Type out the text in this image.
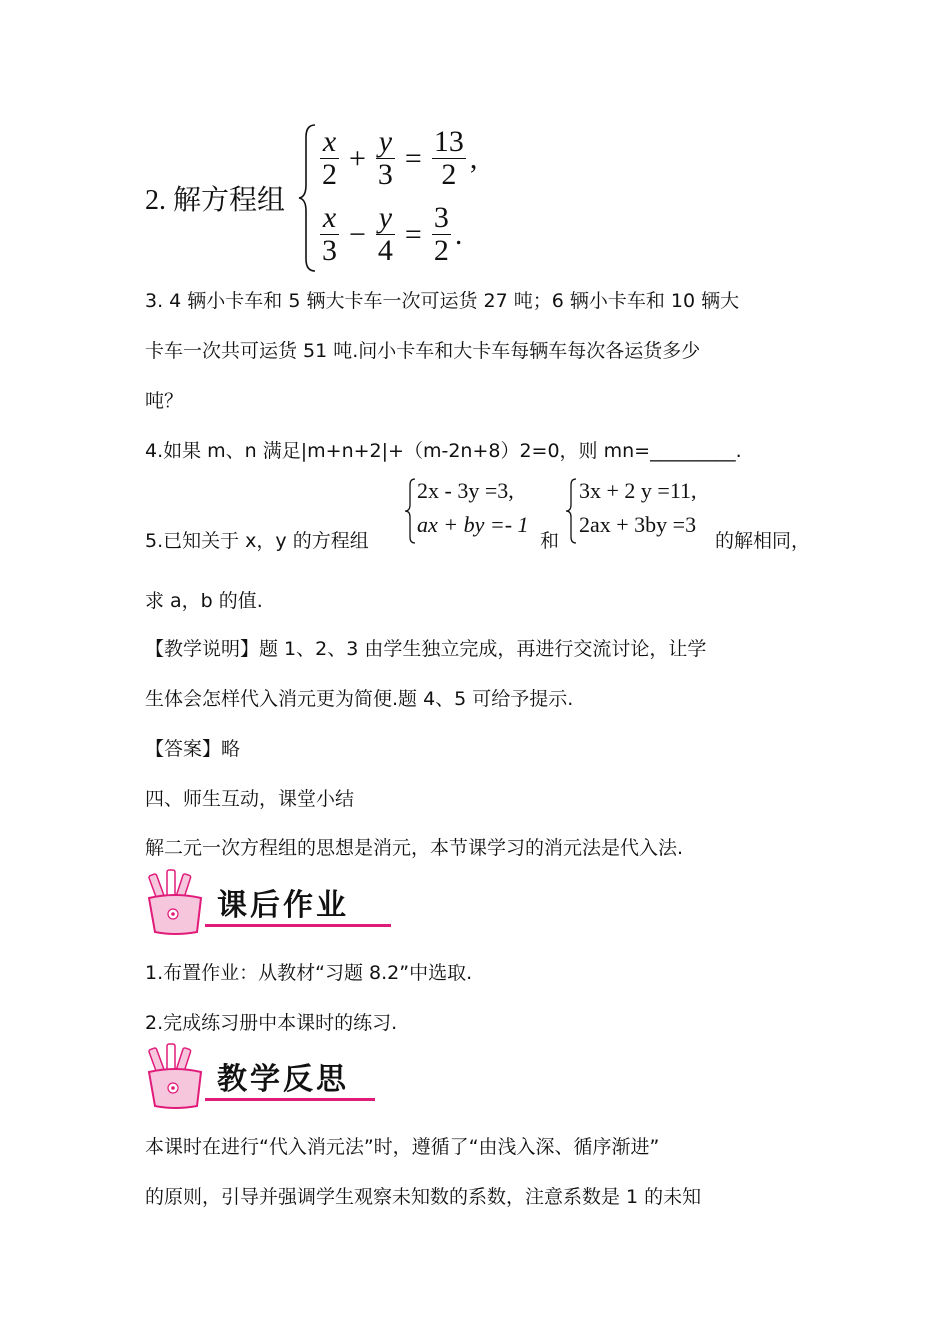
2. 解方程组
$\frac{x}{2} + \frac{y}{3} = \frac{13}{2}$ ,
$\frac{x}{3} - \frac{y}{4} = \frac{3}{2}$ .
3. 4 辆小卡车和 5 辆大卡车一次可运货 27 吨；6 辆小卡车和 10 辆大
卡车一次共可运货 51 吨.问小卡车和大卡车每辆车每次各运货多少
吨？
4.如果 m、n 满足|m+n+2|+（m-2n+8）2=0，则 mn=_________.
5.已知关于 x，y 的方程组
2x - 3y =3,
ax + by =- 1
和
3x + 2 y =11,
2ax + 3by =3
的解相同，
求 a，b 的值.
【教学说明】题 1、2、3 由学生独立完成，再进行交流讨论，让学
生体会怎样代入消元更为简便.题 4、5 可给予提示.
【答案】略
四、师生互动，课堂小结
解二元一次方程组的思想是消元，本节课学习的消元法是代入法.
课后作业
1.布置作业：从教材“习题 8.2”中选取.
2.完成练习册中本课时的练习.
教学反思
本课时在进行“代入消元法”时，遵循了“由浅入深、循序渐进”
的原则，引导并强调学生观察未知数的系数，注意系数是 1 的未知
